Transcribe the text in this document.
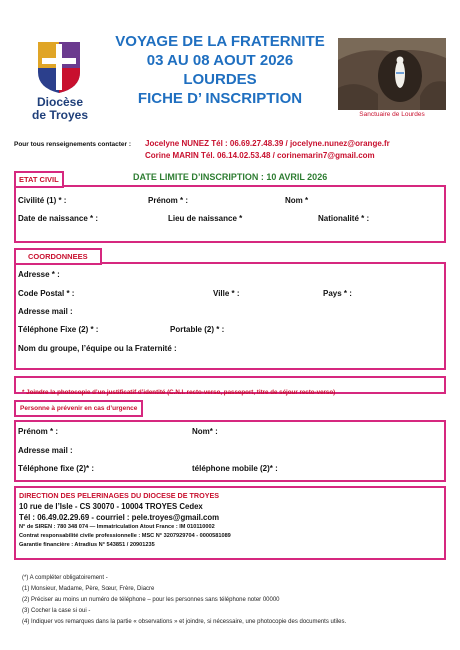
Diocèse
de Troyes
VOYAGE DE LA FRATERNITE
03 AU 08 AOUT 2026
LOURDES
FICHE D’ INSCRIPTION
Sanctuaire de Lourdes
Pour tous renseignements contacter : Jocelyne NUNEZ Tél : 06.69.27.48.39 / jocelyne.nunez@orange.fr
Corine MARIN Tél. 06.14.02.53.48 / corinemarin7@gmail.com
ETAT CIVIL	DATE LIMITE D’INSCRIPTION : 10 AVRIL 2026
Civilité (1) * :	Prénom * :	Nom *
Date de naissance * :	Lieu de naissance *	Nationalité * :
COORDONNEES
Adresse * :
Code Postal * :	Ville * :	Pays * :
Adresse mail :
Téléphone Fixe (2) * :	Portable (2) * :
Nom du groupe, l’équipe ou la Fraternité :
* Joindre la photocopie d’un justificatif d’identité (C.N.I. recto-verso, passeport, titre de séjour recto-verso)
Personne à prévenir en cas d’urgence
Prénom * :	Nom* :
Adresse mail :
Téléphone fixe (2)* :	téléphone mobile (2)* :
DIRECTION DES PELERINAGES DU DIOCESE DE TROYES
10 rue de l’Isle - CS 30070 - 10004 TROYES Cedex
Tél : 06.49.02.29.69 - courriel : pele.troyes@gmail.com
N° de SIREN : 780 348 074 — Immatriculation Atout France : IM 010110002
Contrat responsabilité civile professionnelle : MSC N° 3207929704 - 0000581089
Garantie financière : Atradius N° 543851 / 20901235
(*) A compléter obligatoirement -
(1) Monsieur, Madame, Père, Sœur, Frère, Diacre
(2) Préciser au moins un numéro de téléphone – pour les personnes sans téléphone noter 00000
(3) Cocher la case si oui -
(4) Indiquer vos remarques dans la partie « observations » et joindre, si nécessaire, une photocopie des documents utiles.
